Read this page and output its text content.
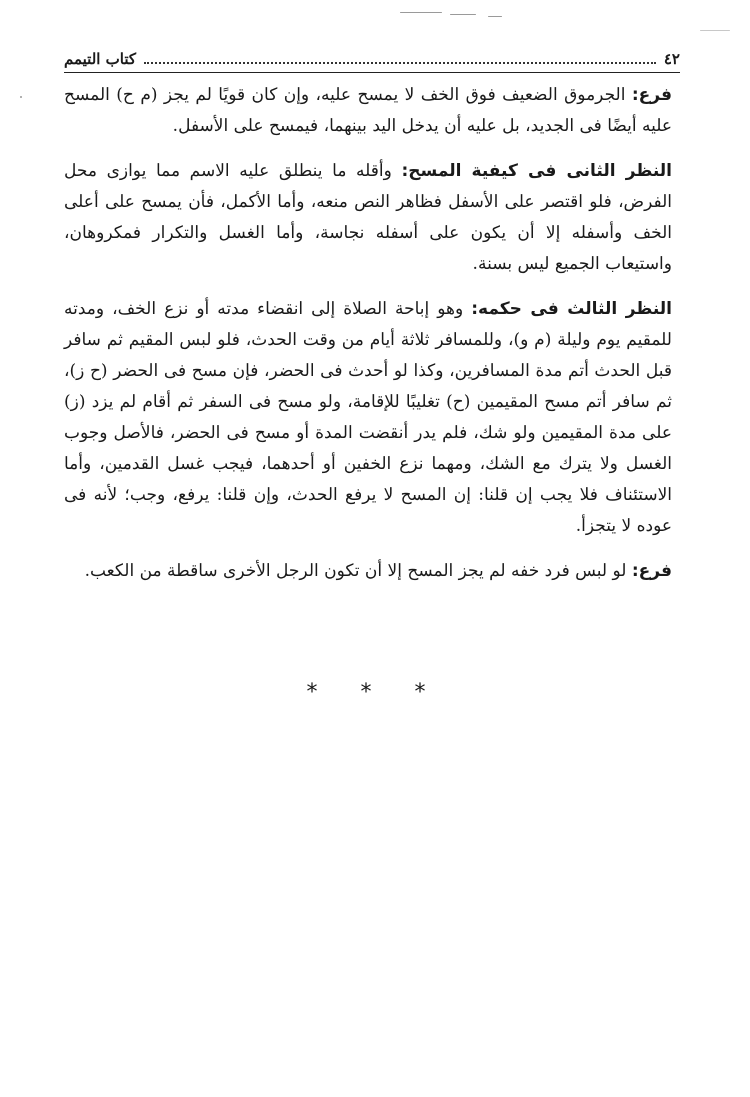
٤٢
كتاب التيمم

فرع: الجرموق الضعيف فوق الخف لا يمسح عليه، وإن كان قويًا لم يجز (م ح) المسح عليه أيضًا فى الجديد، بل عليه أن يدخل اليد بينهما، فيمسح على الأسفل.

النظر الثانى فى كيفية المسح: وأقله ما ينطلق عليه الاسم مما يوازى محل الفرض، فلو اقتصر على الأسفل فظاهر النص منعه، وأما الأكمل، فأن يمسح على أعلى الخف وأسفله إلا أن يكون على أسفله نجاسة، وأما الغسل والتكرار فمكروهان، واستيعاب الجميع ليس بسنة.

النظر الثالث فى حكمه: وهو إباحة الصلاة إلى انقضاء مدته أو نزع الخف، ومدته للمقيم يوم وليلة (م و)، وللمسافر ثلاثة أيام من وقت الحدث، فلو لبس المقيم ثم سافر قبل الحدث أتم مدة المسافرين، وكذا لو أحدث فى الحضر، فإن مسح فى الحضر (ح ز)، ثم سافر أتم مسح المقيمين (ح) تغليبًا للإقامة، ولو مسح فى السفر ثم أقام لم يزد (ز) على مدة المقيمين ولو شك، فلم يدر أنقضت المدة أو مسح فى الحضر، فالأصل وجوب الغسل ولا يترك مع الشك، ومهما نزع الخفين أو أحدهما، فيجب غسل القدمين، وأما الاستئناف فلا يجب إن قلنا: إن المسح لا يرفع الحدث، وإن قلنا: يرفع، وجب؛ لأنه فى عوده لا يتجزأ.

فرع: لو لبس فرد خفه لم يجز المسح إلا أن تكون الرجل الأخرى ساقطة من الكعب.

* * *
